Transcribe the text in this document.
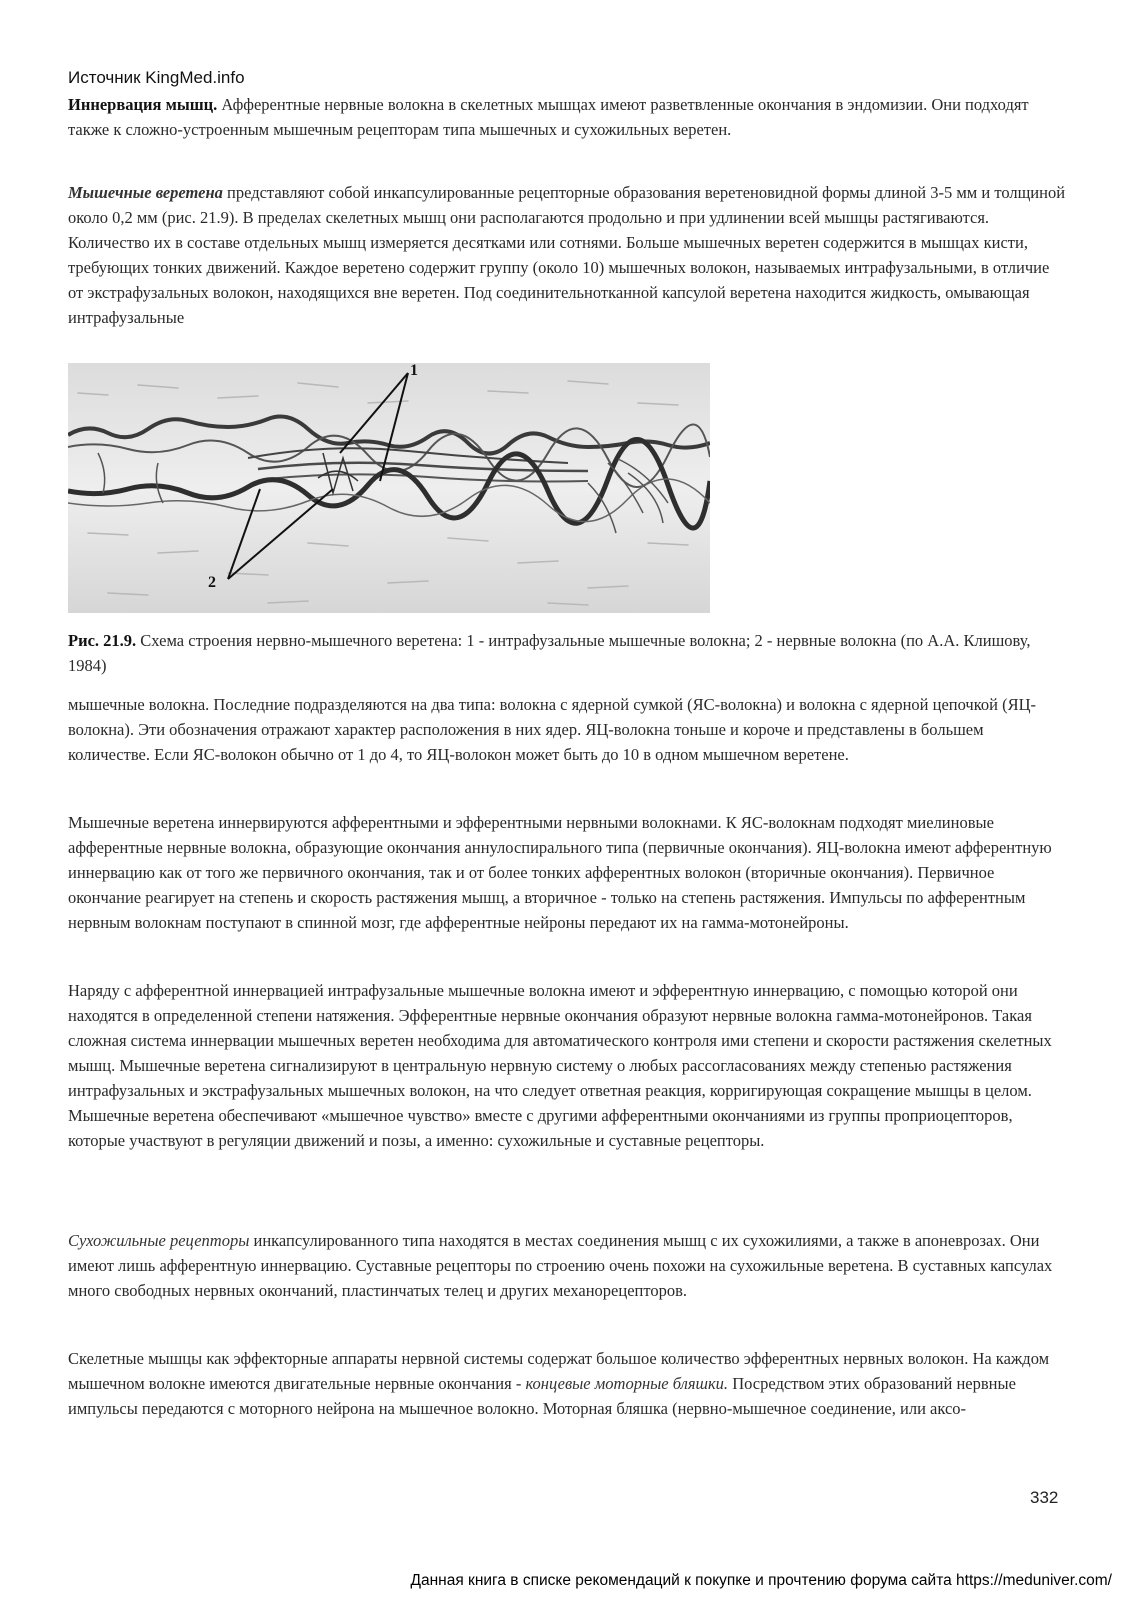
Источник KingMed.info

Иннервация мышц. Афферентные нервные волокна в скелетных мышцах имеют разветвленные окончания в эндомизии. Они подходят также к сложно-устроенным мышечным рецепторам типа мышечных и сухожильных веретен.

Мышечные веретена представляют собой инкапсулированные рецепторные образования веретеновидной формы длиной 3-5 мм и толщиной около 0,2 мм (рис. 21.9). В пределах скелетных мышц они располагаются продольно и при удлинении всей мышцы растягиваются. Количество их в составе отдельных мышц измеряется десятками или сотнями. Больше мышечных веретен содержится в мышцах кисти, требующих тонких движений. Каждое веретено содержит группу (около 10) мышечных волокон, называемых интрафузальными, в отличие от экстрафузальных волокон, находящихся вне веретен. Под соединительнотканной капсулой веретена находится жидкость, омывающая интрафузальные

1
2

Рис. 21.9. Схема строения нервно-мышечного веретена: 1 - интрафузальные мышечные волокна; 2 - нервные волокна (по А.А. Клишову, 1984)

мышечные волокна. Последние подразделяются на два типа: волокна с ядерной сумкой (ЯС-волокна) и волокна с ядерной цепочкой (ЯЦ-волокна). Эти обозначения отражают характер расположения в них ядер. ЯЦ-волокна тоньше и короче и представлены в большем количестве. Если ЯС-волокон обычно от 1 до 4, то ЯЦ-волокон может быть до 10 в одном мышечном веретене.

Мышечные веретена иннервируются афферентными и эфферентными нервными волокнами. К ЯС-волокнам подходят миелиновые афферентные нервные волокна, образующие окончания аннулоспирального типа (первичные окончания). ЯЦ-волокна имеют афферентную иннервацию как от того же первичного окончания, так и от более тонких афферентных волокон (вторичные окончания). Первичное окончание реагирует на степень и скорость растяжения мышц, а вторичное - только на степень растяжения. Импульсы по афферентным нервным волокнам поступают в спинной мозг, где афферентные нейроны передают их на гамма-мотонейроны.

Наряду с афферентной иннервацией интрафузальные мышечные волокна имеют и эфферентную иннервацию, с помощью которой они находятся в определенной степени натяжения. Эфферентные нервные окончания образуют нервные волокна гамма-мотонейронов. Такая сложная система иннервации мышечных веретен необходима для автоматического контроля ими степени и скорости растяжения скелетных мышц. Мышечные веретена сигнализируют в центральную нервную систему о любых рассогласованиях между степенью растяжения интрафузальных и экстрафузальных мышечных волокон, на что следует ответная реакция, корригирующая сокращение мышцы в целом. Мышечные веретена обеспечивают «мышечное чувство» вместе с другими афферентными окончаниями из группы проприоцепторов, которые участвуют в регуляции движений и позы, а именно: сухожильные и суставные рецепторы.

Сухожильные рецепторы инкапсулированного типа находятся в местах соединения мышц с их сухожилиями, а также в апоневрозах. Они имеют лишь афферентную иннервацию. Суставные рецепторы по строению очень похожи на сухожильные веретена. В суставных капсулах много свободных нервных окончаний, пластинчатых телец и других механорецепторов.

Скелетные мышцы как эффекторные аппараты нервной системы содержат большое количество эфферентных нервных волокон. На каждом мышечном волокне имеются двигательные нервные окончания - концевые моторные бляшки. Посредством этих образований нервные импульсы передаются с моторного нейрона на мышечное волокно. Моторная бляшка (нервно-мышечное соединение, или аксо-

332
Данная книга в списке рекомендаций к покупке и прочтению форума сайта https://meduniver.com/
